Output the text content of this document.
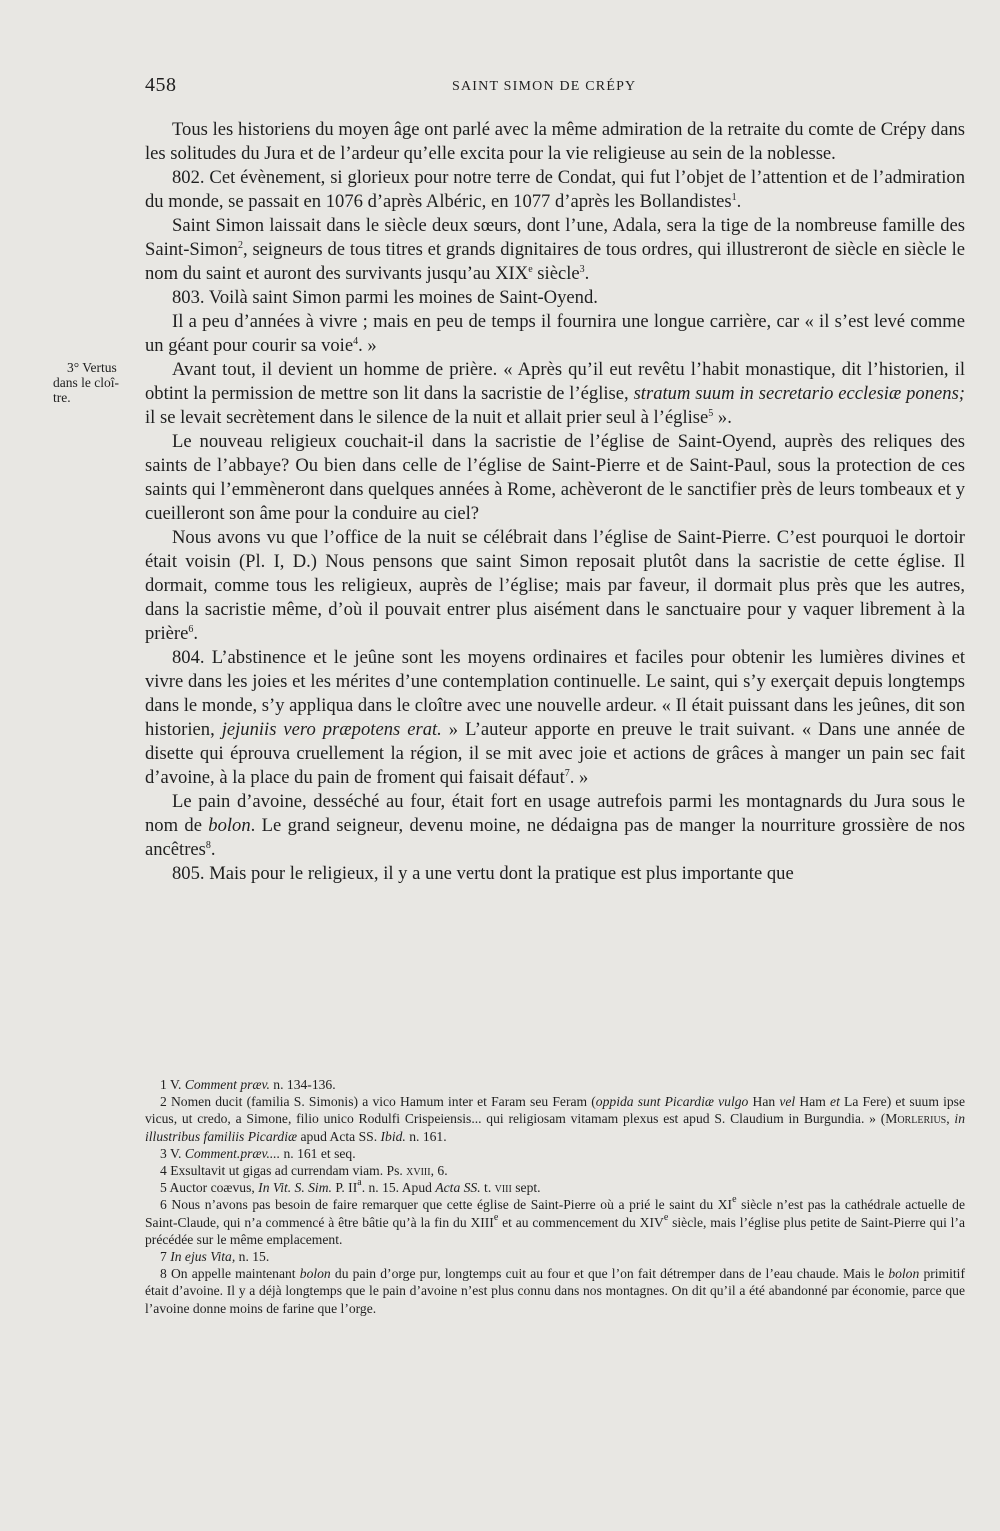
458	SAINT SIMON DE CRÉPY
3° Vertus
dans le cloî-
tre.

Tous les historiens du moyen âge ont parlé avec la même admiration de la retraite du comte de Crépy dans les solitudes du Jura et de l’ardeur qu’elle excita pour la vie religieuse au sein de la noblesse.

802. Cet évènement, si glorieux pour notre terre de Condat, qui fut l’objet de l’attention et de l’admiration du monde, se passait en 1076 d’après Albéric, en 1077 d’après les Bollandistes$^1$.

Saint Simon laissait dans le siècle deux sœurs, dont l’une, Adala, sera la tige de la nombreuse famille des Saint-Simon$^2$, seigneurs de tous titres et grands dignitaires de tous ordres, qui illustreront de siècle en siècle le nom du saint et auront des survivants jusqu’au XIXe siècle$^3$.

803. Voilà saint Simon parmi les moines de Saint-Oyend.

Il a peu d’années à vivre ; mais en peu de temps il fournira une longue carrière, car « il s’est levé comme un géant pour courir sa voie$^4$. »

Avant tout, il devient un homme de prière. « Après qu’il eut revêtu l’habit monastique, dit l’historien, il obtint la permission de mettre son lit dans la sacristie de l’église, stratum suum in secretario ecclesiæ ponens; il se levait secrètement dans le silence de la nuit et allait prier seul à l’église$^5$ ».

Le nouveau religieux couchait-il dans la sacristie de l’église de Saint-Oyend, auprès des reliques des saints de l’abbaye? Ou bien dans celle de l’église de Saint-Pierre et de Saint-Paul, sous la protection de ces saints qui l’emmèneront dans quelques années à Rome, achèveront de le sanctifier près de leurs tombeaux et y cueilleront son âme pour la conduire au ciel?

Nous avons vu que l’office de la nuit se célébrait dans l’église de Saint-Pierre. C’est pourquoi le dortoir était voisin (Pl. I, D.) Nous pensons que saint Simon reposait plutôt dans la sacristie de cette église. Il dormait, comme tous les religieux, auprès de l’église; mais par faveur, il dormait plus près que les autres, dans la sacristie même, d’où il pouvait entrer plus aisément dans le sanctuaire pour y vaquer librement à la prière$^6$.

804. L’abstinence et le jeûne sont les moyens ordinaires et faciles pour obtenir les lumières divines et vivre dans les joies et les mérites d’une contemplation continuelle. Le saint, qui s’y exerçait depuis longtemps dans le monde, s’y appliqua dans le cloître avec une nouvelle ardeur. « Il était puissant dans les jeûnes, dit son historien, jejuniis vero præpotens erat. » L’auteur apporte en preuve le trait suivant. « Dans une année de disette qui éprouva cruellement la région, il se mit avec joie et actions de grâces à manger un pain sec fait d’avoine, à la place du pain de froment qui faisait défaut$^7$. »

Le pain d’avoine, desséché au four, était fort en usage autrefois parmi les montagnards du Jura sous le nom de bolon. Le grand seigneur, devenu moine, ne dédaigna pas de manger la nourriture grossière de nos ancêtres$^8$.

805. Mais pour le religieux, il y a une vertu dont la pratique est plus importante que

1 V. Comment præv. n. 134-136.

2 Nomen ducit (familia S. Simonis) a vico Hamum inter et Faram seu Feram (oppida sunt Picardiæ vulgo Han vel Ham et La Fere) et suum ipse vicus, ut credo, a Simone, filio unico Rodulfi Crispeiensis... qui religiosam vitamam plexus est apud S. Claudium in Burgundia. » (Morlerius, in illustribus familiis Picardiæ apud Acta SS. Ibid. n. 161.

3 V. Comment.præv.... n. 161 et seq.

4 Exsultavit ut gigas ad currendam viam. Ps. xviii, 6.

5 Auctor coævus, In Vit. S. Sim. P. $II^a$. n. 15. Apud Acta SS. t. viii sept.

6 Nous n’avons pas besoin de faire remarquer que cette église de Saint-Pierre où a prié le saint du XIe siècle n’est pas la cathédrale actuelle de Saint-Claude, qui n’a commencé à être bâtie qu’à la fin du XIIIe et au commencement du XIVe siècle, mais l’église plus petite de Saint-Pierre qui l’a précédée sur le même emplacement.

7 In ejus Vita, n. 15.

8 On appelle maintenant bolon du pain d’orge pur, longtemps cuit au four et que l’on fait détremper dans de l’eau chaude. Mais le bolon primitif était d’avoine. Il y a déjà longtemps que le pain d’avoine n’est plus connu dans nos montagnes. On dit qu’il a été abandonné par économie, parce que l’avoine donne moins de farine que l’orge.
